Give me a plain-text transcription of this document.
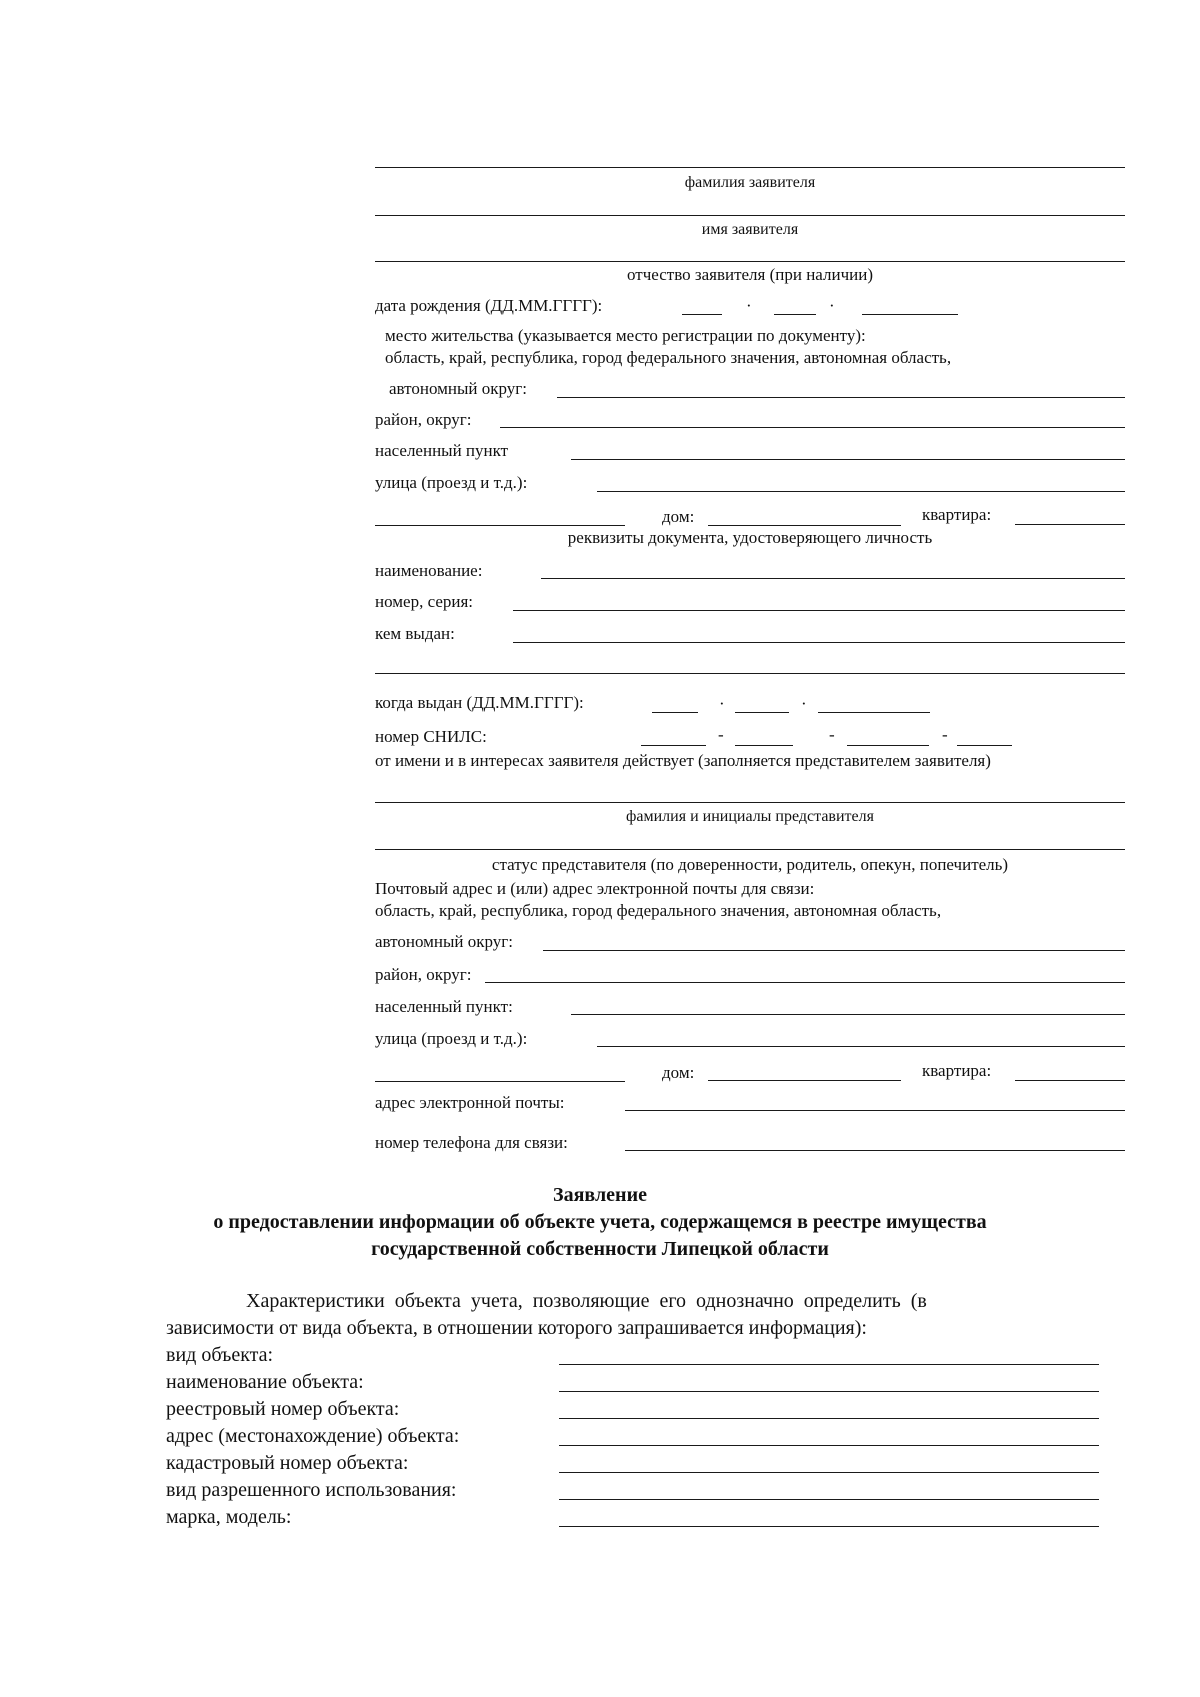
фамилия заявителя
имя заявителя
отчество заявителя (при наличии)
дата рождения (ДД.ММ.ГГГГ):	·	·
место жительства (указывается место регистрации по документу):
область, край, республика, город федерального значения, автономная область,
автономный округ:
район, округ:
населенный пункт
улица (проезд и т.д.):
дом:	квартира:
реквизиты документа, удостоверяющего личность
наименование:
номер, серия:
кем выдан:
когда выдан (ДД.ММ.ГГГГ):	·	·
номер СНИЛС:	-	-	-
от имени и в интересах заявителя действует (заполняется представителем заявителя)
фамилия и инициалы представителя
статус представителя (по доверенности, родитель, опекун, попечитель)
Почтовый адрес и (или) адрес электронной почты для связи:
область, край, республика, город федерального значения, автономная область,
автономный округ:
район, округ:
населенный пункт:
улица (проезд и т.д.):
дом:	квартира:
адрес электронной почты:
номер телефона для связи:
Заявление
о предоставлении информации об объекте учета, содержащемся в реестре имущества
государственной собственности Липецкой области
Характеристики объекта учета, позволяющие его однозначно определить (в
зависимости от вида объекта, в отношении которого запрашивается информация):
вид объекта:
наименование объекта:
реестровый номер объекта:
адрес (местонахождение) объекта:
кадастровый номер объекта:
вид разрешенного использования:
марка, модель:
